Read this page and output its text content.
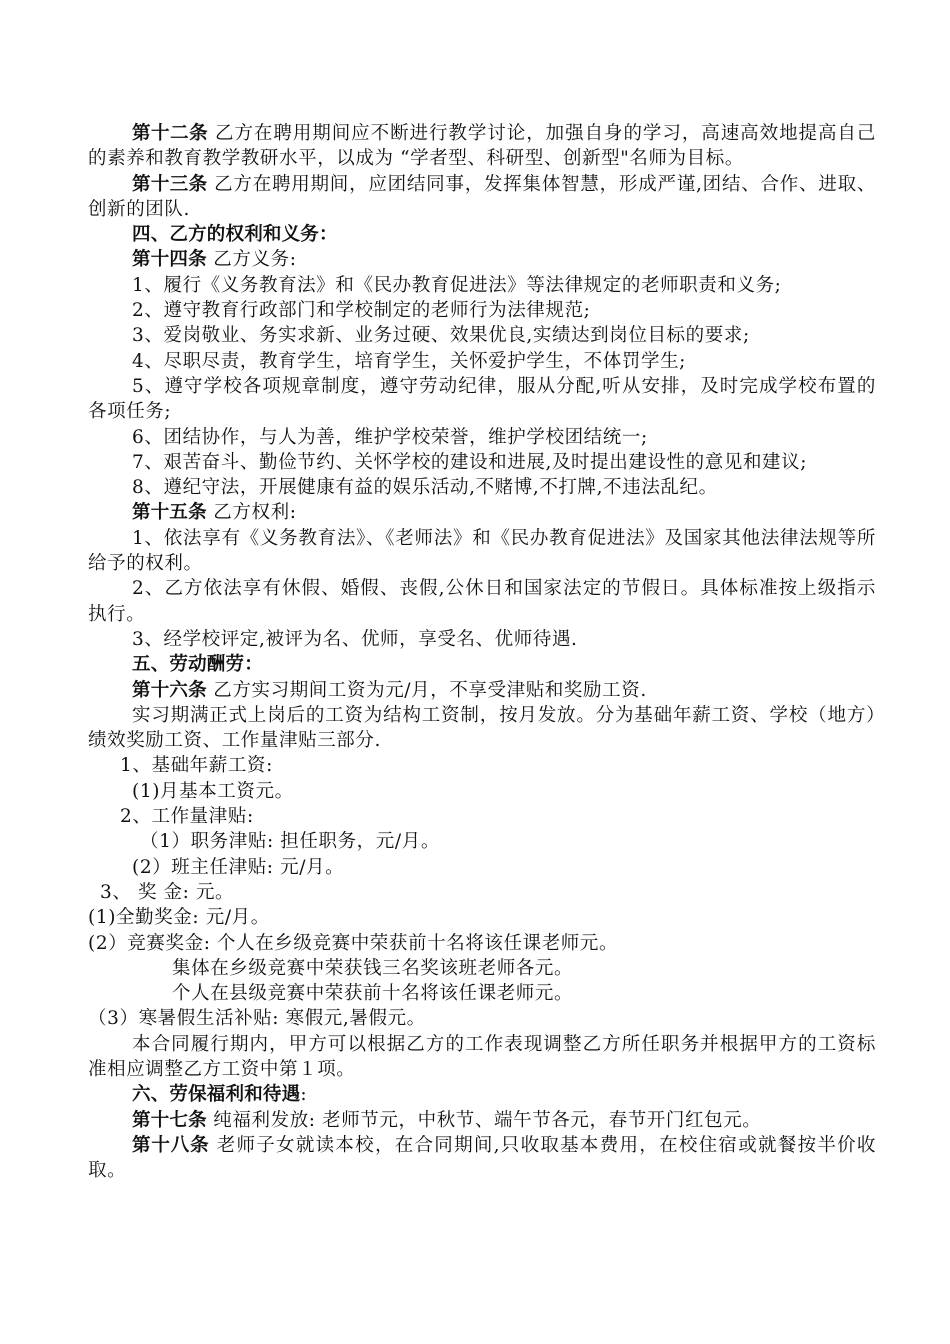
第十二条 乙方在聘用期间应不断进行教学讨论，加强自身的学习，高速高效地提高自己的素养和教育教学教研水平，以成为 “学者型、科研型、创新型"名师为目标。

第十三条 乙方在聘用期间，应团结同事，发挥集体智慧，形成严谨,团结、合作、进取、创新的团队.

四、乙方的权利和义务：

第十四条 乙方义务:

1、履行《义务教育法》和《民办教育促进法》等法律规定的老师职责和义务;

2、遵守教育行政部门和学校制定的老师行为法律规范;

3、爱岗敬业、务实求新、业务过硬、效果优良,实绩达到岗位目标的要求;

4、尽职尽责，教育学生，培育学生，关怀爱护学生，不体罚学生;

5、遵守学校各项规章制度，遵守劳动纪律，服从分配,听从安排，及时完成学校布置的各项任务;

6、团结协作，与人为善，维护学校荣誉，维护学校团结统一;

7、艰苦奋斗、勤俭节约、关怀学校的建设和进展,及时提出建设性的意见和建议;

8、遵纪守法，开展健康有益的娱乐活动,不赌博,不打牌,不违法乱纪。

第十五条 乙方权利:

1、依法享有《义务教育法》、《老师法》和《民办教育促进法》及国家其他法律法规等所给予的权利。

2、乙方依法享有休假、婚假、丧假,公休日和国家法定的节假日。具体标准按上级指示执行。

3、经学校评定,被评为名、优师，享受名、优师待遇.

五、劳动酬劳：

第十六条 乙方实习期间工资为元/月，不享受津贴和奖励工资.

实习期满正式上岗后的工资为结构工资制，按月发放。分为基础年薪工资、学校（地方）绩效奖励工资、工作量津贴三部分.

1、基础年薪工资:

(1)月基本工资元。

2、工作量津贴:

（1）职务津贴: 担任职务，元/月。

(2）班主任津贴: 元/月。

3、 奖 金: 元。

(1)全勤奖金: 元/月。

(2）竞赛奖金: 个人在乡级竞赛中荣获前十名将该任课老师元。

集体在乡级竞赛中荣获钱三名奖该班老师各元。

个人在县级竞赛中荣获前十名将该任课老师元。

（3）寒暑假生活补贴: 寒假元,暑假元。

本合同履行期内，甲方可以根据乙方的工作表现调整乙方所任职务并根据甲方的工资标准相应调整乙方工资中第１项。

六、劳保福利和待遇:

第十七条 纯福利发放: 老师节元，中秋节、端午节各元，春节开门红包元。

第十八条 老师子女就读本校，在合同期间,只收取基本费用，在校住宿或就餐按半价收取。
